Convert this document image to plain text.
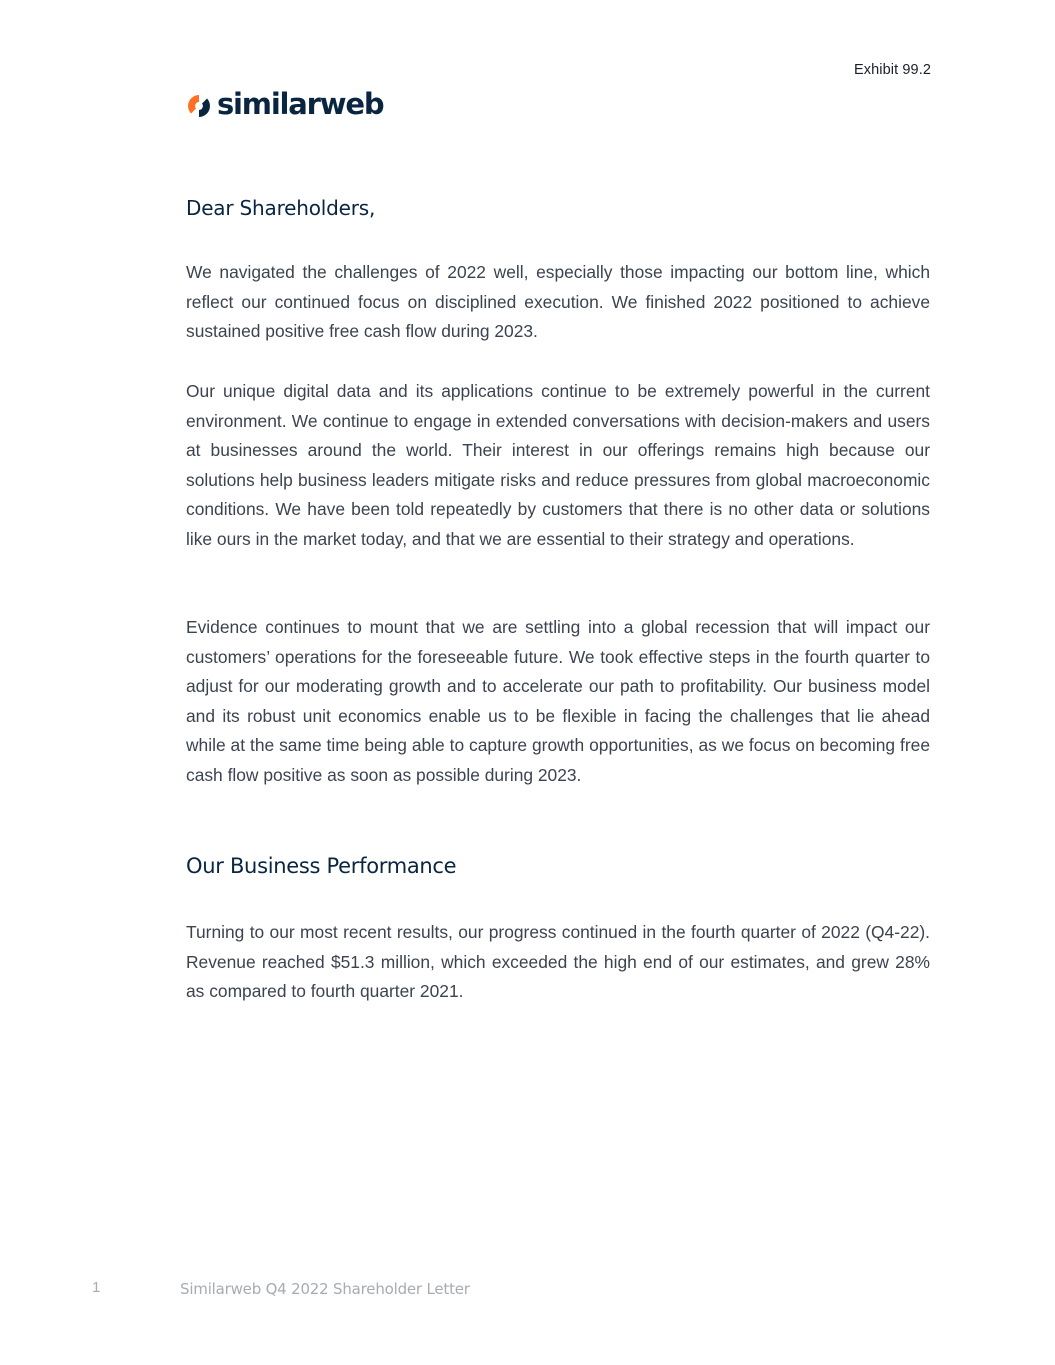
Exhibit 99.2
similarweb
Dear Shareholders,

We navigated the challenges of 2022 well, especially those impacting our bottom line, which reflect our continued focus on disciplined execution. We finished 2022 positioned to achieve sustained positive free cash flow during 2023.

Our unique digital data and its applications continue to be extremely powerful in the current environment. We continue to engage in extended conversations with decision-makers and users at businesses around the world. Their interest in our offerings remains high because our solutions help business leaders mitigate risks and reduce pressures from global macroeconomic conditions. We have been told repeatedly by customers that there is no other data or solutions like ours in the market today, and that we are essential to their strategy and operations.

Evidence continues to mount that we are settling into a global recession that will impact our customers’ operations for the foreseeable future. We took effective steps in the fourth quarter to adjust for our moderating growth and to accelerate our path to profitability. Our business model and its robust unit economics enable us to be flexible in facing the challenges that lie ahead while at the same time being able to capture growth opportunities, as we focus on becoming free cash flow positive as soon as possible during 2023.

Our Business Performance

Turning to our most recent results, our progress continued in the fourth quarter of 2022 (Q4-22). Revenue reached $51.3 million, which exceeded the high end of our estimates, and grew 28% as compared to fourth quarter 2021.

1	Similarweb Q4 2022 Shareholder Letter
